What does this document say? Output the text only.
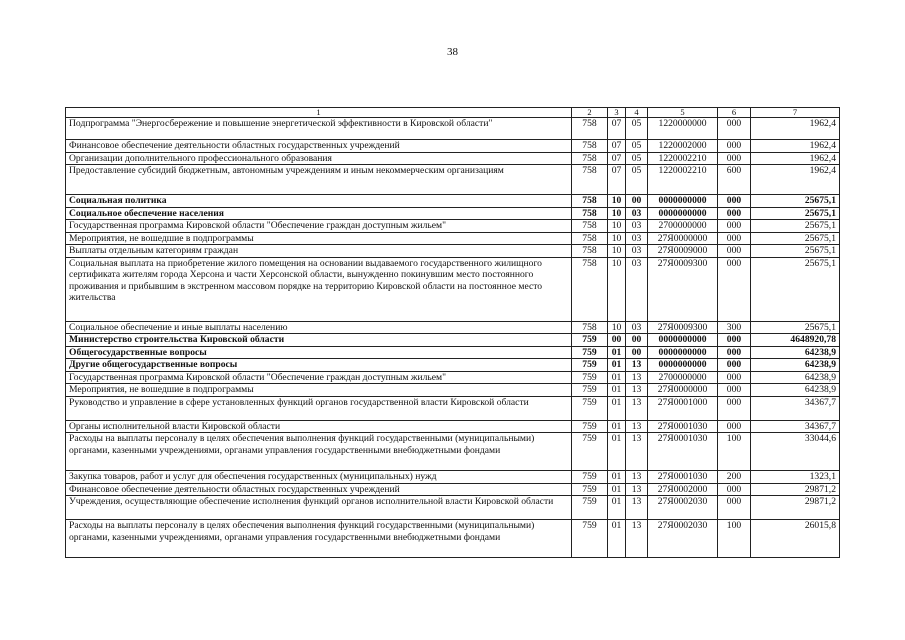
38
1	2	3	4	5	6	7
Подпрограмма "Энергосбережение и повышение энергетической эффективности в Кировской области"	758	07	05	1220000000	000	1962,4
Финансовое обеспечение деятельности областных государственных учреждений	758	07	05	1220002000	000	1962,4
Организации дополнительного профессионального образования	758	07	05	1220002210	000	1962,4
Предоставление субсидий бюджетным, автономным учреждениям и иным некоммерческим организациям	758	07	05	1220002210	600	1962,4
Социальная политика	758	10	00	0000000000	000	25675,1
Социальное обеспечение населения	758	10	03	0000000000	000	25675,1
Государственная программа Кировской области "Обеспечение граждан доступным жильем"	758	10	03	2700000000	000	25675,1
Мероприятия, не вошедшие в подпрограммы	758	10	03	27Я0000000	000	25675,1
Выплаты отдельным категориям граждан	758	10	03	27Я0009000	000	25675,1
Социальная выплата на приобретение жилого помещения на основании выдаваемого государственного жилищного сертификата жителям города Херсона и части Херсонской области, вынужденно покинувшим место постоянного проживания и прибывшим в экстренном массовом порядке на территорию Кировской области на постоянное место жительства	758	10	03	27Я0009300	000	25675,1
Социальное обеспечение и иные выплаты населению	758	10	03	27Я0009300	300	25675,1
Министерство строительства Кировской области	759	00	00	0000000000	000	4648920,78
Общегосударственные вопросы	759	01	00	0000000000	000	64238,9
Другие общегосударственные вопросы	759	01	13	0000000000	000	64238,9
Государственная программа Кировской области "Обеспечение граждан доступным жильем"	759	01	13	2700000000	000	64238,9
Мероприятия, не вошедшие в подпрограммы	759	01	13	27Я0000000	000	64238,9
Руководство и управление в сфере установленных функций органов государственной власти Кировской области	759	01	13	27Я0001000	000	34367,7
Органы исполнительной власти Кировской области	759	01	13	27Я0001030	000	34367,7
Расходы на выплаты персоналу в целях обеспечения выполнения функций государственными (муниципальными) органами, казенными учреждениями, органами управления государственными внебюджетными фондами	759	01	13	27Я0001030	100	33044,6
Закупка товаров, работ и услуг для обеспечения государственных (муниципальных) нужд	759	01	13	27Я0001030	200	1323,1
Финансовое обеспечение деятельности областных государственных учреждений	759	01	13	27Я0002000	000	29871,2
Учреждения, осуществляющие обеспечение исполнения функций органов исполнительной власти Кировской области	759	01	13	27Я0002030	000	29871,2
Расходы на выплаты персоналу в целях обеспечения выполнения функций государственными (муниципальными) органами, казенными учреждениями, органами управления государственными внебюджетными фондами	759	01	13	27Я0002030	100	26015,8
